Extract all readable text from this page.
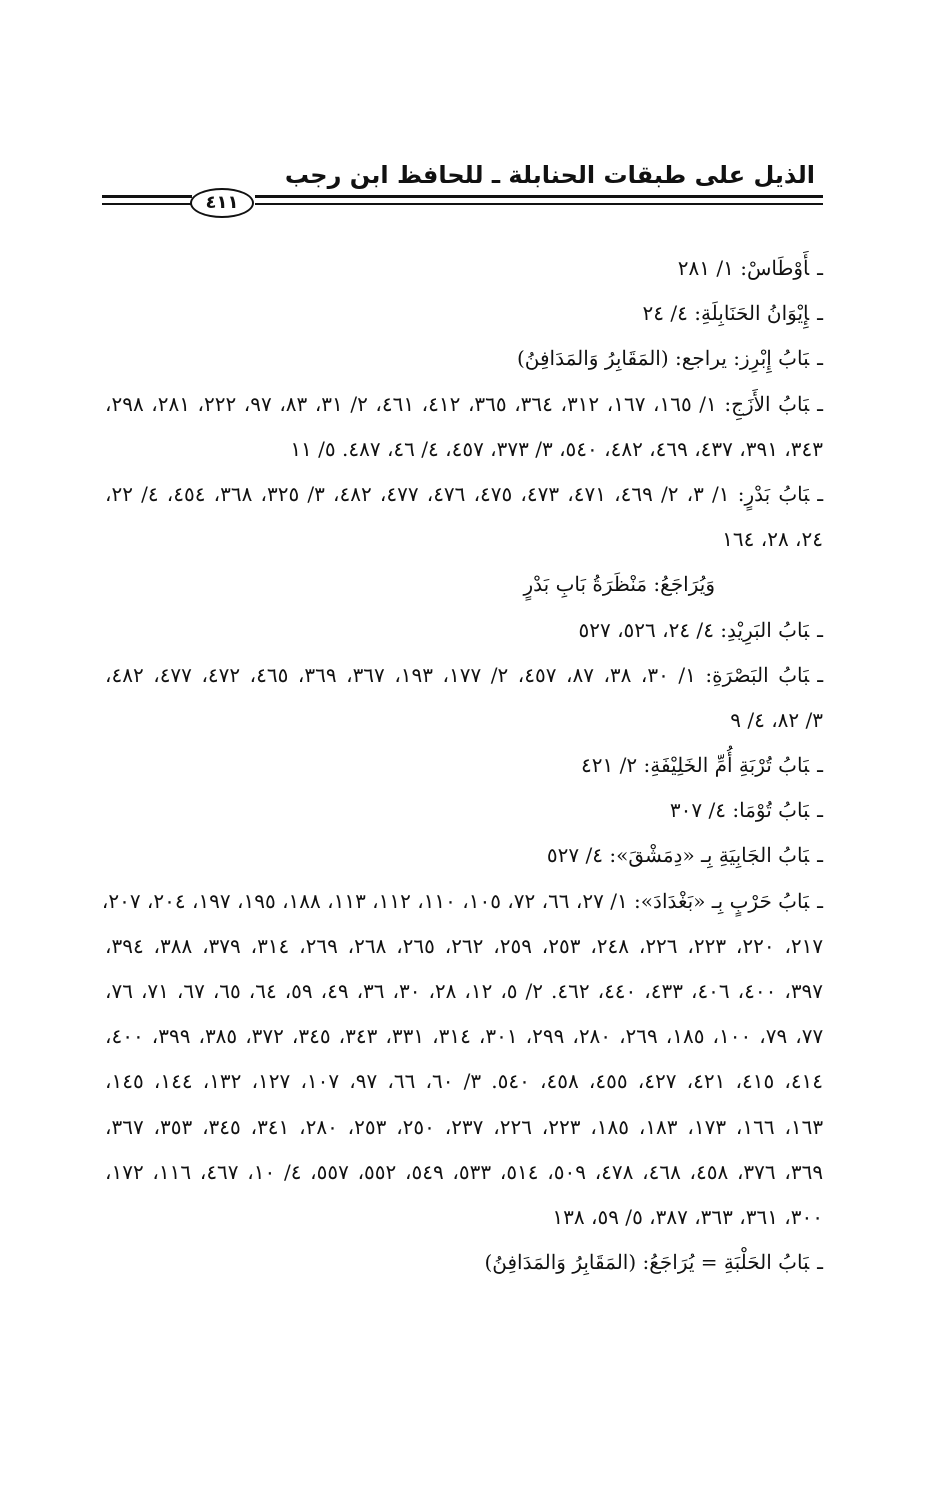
الذيل على طبقات الحنابلة ـ للحافظ ابن رجب
٤١١
ـأَوْطَاسْ: ١/ ٢٨١
ـإِيْوَانُ الحَنَابِلَةِ: ٤/ ٢٤
ـبَابُ إِبْرِز: يراجع: (المَقَابِرُ وَالمَدَافِنُ)
ـبَابُ الأَزَجِ: ١/ ١٦٥، ١٦٧، ٣١٢، ٣٦٤، ٣٦٥، ٤١٢، ٤٦١، ٢/ ٣١، ٨٣، ٩٧، ٢٢٢، ٢٨١، ٢٩٨،
٣٤٣، ٣٩١، ٤٣٧، ٤٦٩، ٤٨٢، ٥٤٠، ٣/ ٣٧٣، ٤٥٧، ٤/ ٤٦، ٤٨٧. ٥/ ١١
ـبَابُ بَدْرٍ: ١/ ٣، ٢/ ٤٦٩، ٤٧١، ٤٧٣، ٤٧٥، ٤٧٦، ٤٧٧، ٤٨٢، ٣/ ٣٢٥، ٣٦٨، ٤٥٤، ٤/ ٢٢،
٢٤، ٢٨، ١٦٤
وَيُرَاجَعُ: مَنْظَرَةُ بَابِ بَدْرٍ
ـبَابُ البَرِيْدِ: ٤/ ٢٤، ٥٢٦، ٥٢٧
ـبَابُ البَصْرَةِ: ١/ ٣٠، ٣٨، ٨٧، ٤٥٧، ٢/ ١٧٧، ١٩٣، ٣٦٧، ٣٦٩، ٤٦٥، ٤٧٢، ٤٧٧، ٤٨٢،
٣/ ٨٢، ٤/ ٩
ـبَابُ تُرْبَةِ أُمِّ الخَلِيْفَةِ: ٢/ ٤٢١
ـبَابُ تُوْمَا: ٤/ ٣٠٧
ـبَابُ الجَابِيَةِ بِـ «دِمَشْقَ»: ٤/ ٥٢٧
ـبَابُ حَرْبٍ بِـ «بَغْدَادَ»: ١/ ٢٧، ٦٦، ٧٢، ١٠٥، ١١٠، ١١٢، ١١٣، ١٨٨، ١٩٥، ١٩٧، ٢٠٤، ٢٠٧،
٢١٧، ٢٢٠، ٢٢٣، ٢٢٦، ٢٤٨، ٢٥٣، ٢٥٩، ٢٦٢، ٢٦٥، ٢٦٨، ٢٦٩، ٣١٤، ٣٧٩، ٣٨٨، ٣٩٤،
٣٩٧، ٤٠٠، ٤٠٦، ٤٣٣، ٤٤٠، ٤٦٢. ٢/ ٥، ١٢، ٢٨، ٣٠، ٣٦، ٤٩، ٥٩، ٦٤، ٦٥، ٦٧، ٧١، ٧٦،
٧٧، ٧٩، ١٠٠، ١٨٥، ٢٦٩، ٢٨٠، ٢٩٩، ٣٠١، ٣١٤، ٣٣١، ٣٤٣، ٣٤٥، ٣٧٢، ٣٨٥، ٣٩٩، ٤٠٠،
٤١٤، ٤١٥، ٤٢١، ٤٢٧، ٤٥٥، ٤٥٨، ٥٤٠. ٣/ ٦٠، ٦٦، ٩٧، ١٠٧، ١٢٧، ١٣٢، ١٤٤، ١٤٥،
١٦٣، ١٦٦، ١٧٣، ١٨٣، ١٨٥، ٢٢٣، ٢٢٦، ٢٣٧، ٢٥٠، ٢٥٣، ٢٨٠، ٣٤١، ٣٤٥، ٣٥٣، ٣٦٧،
٣٦٩، ٣٧٦، ٤٥٨، ٤٦٨، ٤٧٨، ٥٠٩، ٥١٤، ٥٣٣، ٥٤٩، ٥٥٢، ٥٥٧، ٤/ ١٠، ٤٦٧، ١١٦، ١٧٢،
٣٠٠، ٣٦١، ٣٦٣، ٣٨٧، ٥/ ٥٩، ١٣٨
ـبَابُ الحَلْبَةِ = يُرَاجَعُ: (المَقَابِرُ وَالمَدَافِنُ)
